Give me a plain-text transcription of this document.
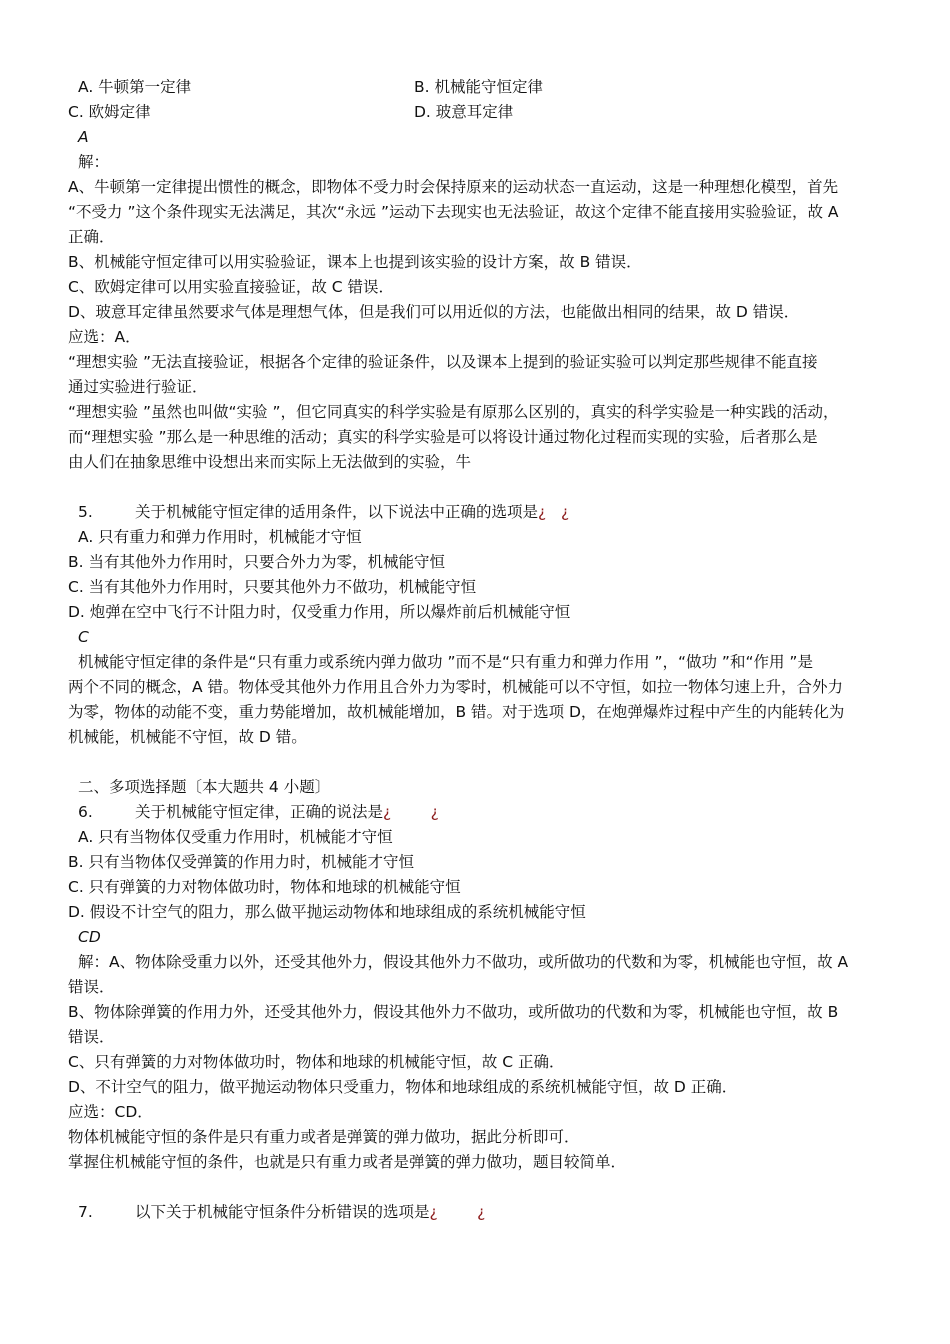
A. 牛顿第一定律	B. 机械能守恒定律
C. 欧姆定律	D. 玻意耳定律
A
解：
A、牛顿第一定律提出惯性的概念，即物体不受力时会保持原来的运动状态一直运动，这是一种理想化模型，首先
“不受力 ”这个条件现实无法满足，其次“永远 ”运动下去现实也无法验证，故这个定律不能直接用实验验证，故 A
正确．
B、机械能守恒定律可以用实验验证，课本上也提到该实验的设计方案，故 B 错误．
C、欧姆定律可以用实验直接验证，故 C 错误．
D、玻意耳定律虽然要求气体是理想气体，但是我们可以用近似的方法，也能做出相同的结果，故 D 错误．
应选：A．
“理想实验 ”无法直接验证，根据各个定律的验证条件，以及课本上提到的验证实验可以判定那些规律不能直接
通过实验进行验证．
“理想实验 ”虽然也叫做“实验 ”，但它同真实的科学实验是有原那么区别的，真实的科学实验是一种实践的活动，
而“理想实验 ”那么是一种思维的活动；真实的科学实验是可以将设计通过物化过程而实现的实验，后者那么是
由人们在抽象思维中设想出来而实际上无法做到的实验，牛
5.	关于机械能守恒定律的适用条件，以下说法中正确的选项是¿ ¿
A. 只有重力和弹力作用时，机械能才守恒
B. 当有其他外力作用时，只要合外力为零，机械能守恒
C. 当有其他外力作用时，只要其他外力不做功，机械能守恒
D. 炮弹在空中飞行不计阻力时，仅受重力作用，所以爆炸前后机械能守恒
C
机械能守恒定律的条件是“只有重力或系统内弹力做功 ”而不是“只有重力和弹力作用 ”，“做功 ”和“作用 ”是
两个不同的概念，A 错。物体受其他外力作用且合外力为零时，机械能可以不守恒，如拉一物体匀速上升，合外力
为零，物体的动能不变，重力势能增加，故机械能增加，B 错。对于选项 D，在炮弹爆炸过程中产生的内能转化为
机械能，机械能不守恒，故 D 错。
二、多项选择题〔本大题共 4 小题〕
6.	关于机械能守恒定律，正确的说法是¿	¿
A. 只有当物体仅受重力作用时，机械能才守恒
B. 只有当物体仅受弹簧的作用力时，机械能才守恒
C. 只有弹簧的力对物体做功时，物体和地球的机械能守恒
D. 假设不计空气的阻力，那么做平抛运动物体和地球组成的系统机械能守恒
CD
解：A、物体除受重力以外，还受其他外力，假设其他外力不做功，或所做功的代数和为零，机械能也守恒，故 A
错误．
B、物体除弹簧的作用力外，还受其他外力，假设其他外力不做功，或所做功的代数和为零，机械能也守恒，故 B
错误．
C、只有弹簧的力对物体做功时，物体和地球的机械能守恒，故 C 正确．
D、不计空气的阻力，做平抛运动物体只受重力，物体和地球组成的系统机械能守恒，故 D 正确．
应选：CD．
物体机械能守恒的条件是只有重力或者是弹簧的弹力做功，据此分析即可．
掌握住机械能守恒的条件，也就是只有重力或者是弹簧的弹力做功，题目较简单．
7.	以下关于机械能守恒条件分析错误的选项是¿	¿
